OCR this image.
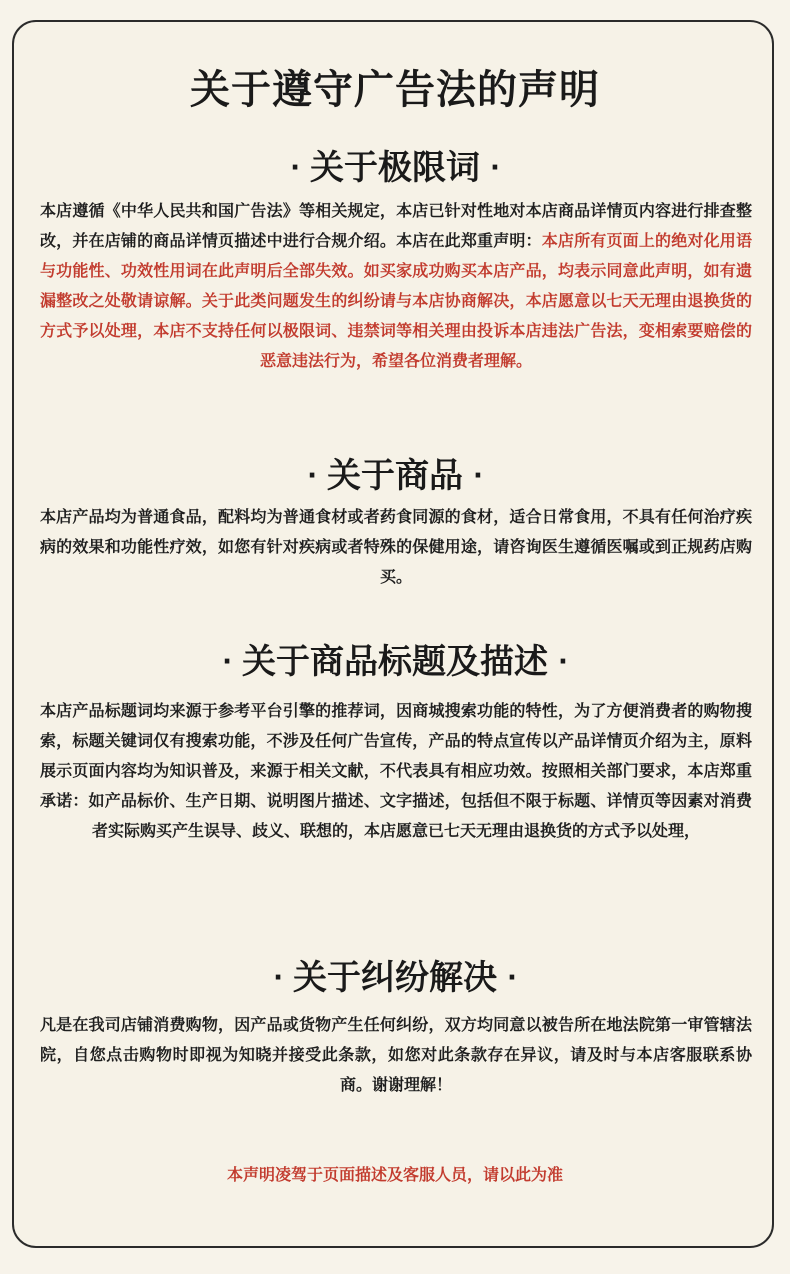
关于遵守广告法的声明
· 关于极限词 ·
本店遵循《中华人民共和国广告法》等相关规定，本店已针对性地对本店商品详情页内容进行排查整改，并在店铺的商品详情页描述中进行合规介绍。本店在此郑重声明：本店所有页面上的绝对化用语与功能性、功效性用词在此声明后全部失效。如买家成功购买本店产品，均表示同意此声明，如有遗漏整改之处敬请谅解。关于此类问题发生的纠纷请与本店协商解决，本店愿意以七天无理由退换货的方式予以处理，本店不支持任何以极限词、违禁词等相关理由投诉本店违法广告法，变相索要赔偿的恶意违法行为，希望各位消费者理解。
· 关于商品 ·
本店产品均为普通食品，配料均为普通食材或者药食同源的食材，适合日常食用，不具有任何治疗疾病的效果和功能性疗效，如您有针对疾病或者特殊的保健用途，请咨询医生遵循医嘱或到正规药店购买。
· 关于商品标题及描述 ·
本店产品标题词均来源于参考平台引擎的推荐词，因商城搜索功能的特性，为了方便消费者的购物搜索，标题关键词仅有搜索功能，不涉及任何广告宣传，产品的特点宣传以产品详情页介绍为主，原料展示页面内容均为知识普及，来源于相关文献，不代表具有相应功效。按照相关部门要求，本店郑重承诺：如产品标价、生产日期、说明图片描述、文字描述，包括但不限于标题、详情页等因素对消费者实际购买产生误导、歧义、联想的，本店愿意已七天无理由退换货的方式予以处理，
· 关于纠纷解决 ·
凡是在我司店铺消费购物，因产品或货物产生任何纠纷，双方均同意以被告所在地法院第一审管辖法院，自您点击购物时即视为知晓并接受此条款，如您对此条款存在异议，请及时与本店客服联系协商。谢谢理解！
本声明凌驾于页面描述及客服人员，请以此为准
